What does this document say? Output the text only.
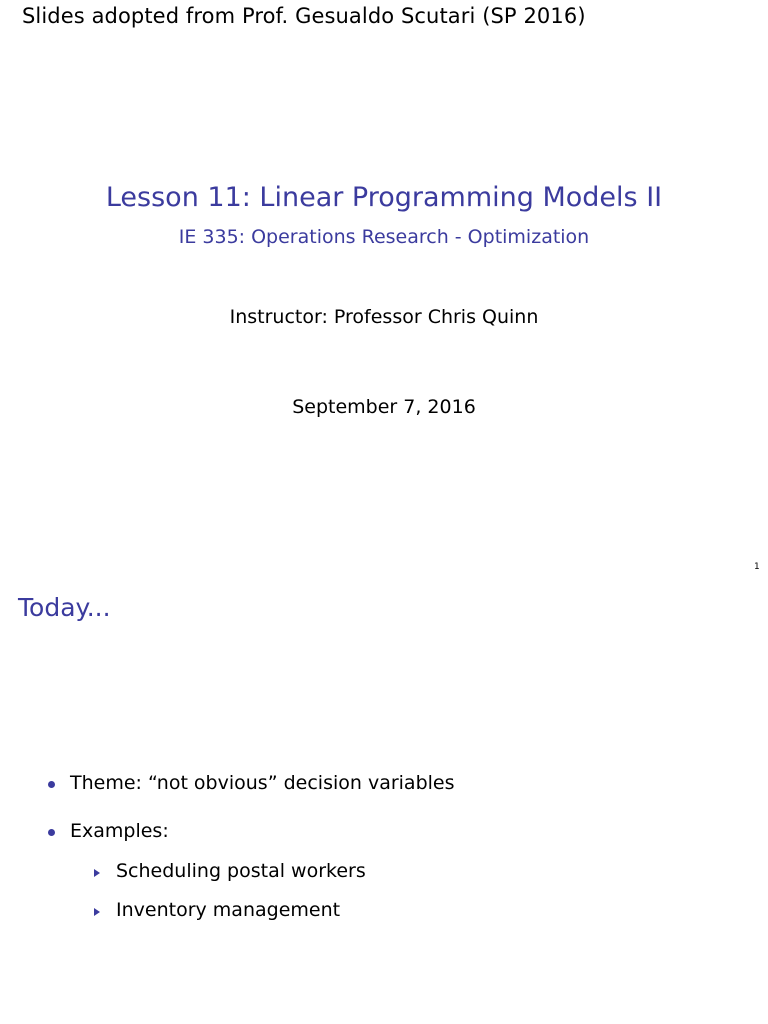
Slides adopted from Prof. Gesualdo Scutari (SP 2016)
Lesson 11: Linear Programming Models II
IE 335: Operations Research - Optimization
Instructor: Professor Chris Quinn
September 7, 2016
1
Today...
Theme: “not obvious” decision variables
Examples:
Scheduling postal workers
Inventory management
